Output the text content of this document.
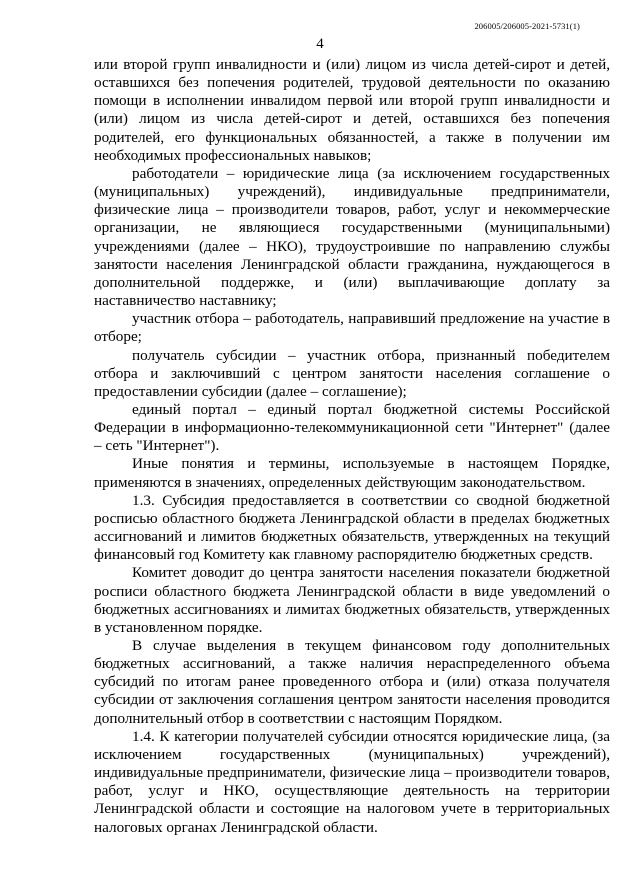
206005/206005-2021-5731(1)
4

или второй групп инвалидности и (или) лицом из числа детей-сирот и детей, оставшихся без попечения родителей, трудовой деятельности по оказанию помощи в исполнении инвалидом первой или второй групп инвалидности и (или) лицом из числа детей-сирот и детей, оставшихся без попечения родителей, его функциональных обязанностей, а также в получении им необходимых профессиональных навыков;

работодатели – юридические лица (за исключением государственных (муниципальных) учреждений), индивидуальные предприниматели, физические лица – производители товаров, работ, услуг и некоммерческие организации, не являющиеся государственными (муниципальными) учреждениями (далее – НКО), трудоустроившие по направлению службы занятости населения Ленинградской области гражданина, нуждающегося в дополнительной поддержке, и (или) выплачивающие доплату за наставничество наставнику;

участник отбора – работодатель, направивший предложение на участие в отборе;

получатель субсидии – участник отбора, признанный победителем отбора и заключивший с центром занятости населения соглашение о предоставлении субсидии (далее – соглашение);

единый портал – единый портал бюджетной системы Российской Федерации в информационно-телекоммуникационной сети "Интернет" (далее – сеть "Интернет").

Иные понятия и термины, используемые в настоящем Порядке, применяются в значениях, определенных действующим законодательством.

1.3. Субсидия предоставляется в соответствии со сводной бюджетной росписью областного бюджета Ленинградской области в пределах бюджетных ассигнований и лимитов бюджетных обязательств, утвержденных на текущий финансовый год Комитету как главному распорядителю бюджетных средств.

Комитет доводит до центра занятости населения показатели бюджетной росписи областного бюджета Ленинградской области в виде уведомлений о бюджетных ассигнованиях и лимитах бюджетных обязательств, утвержденных в установленном порядке.

В случае выделения в текущем финансовом году дополнительных бюджетных ассигнований, а также наличия нераспределенного объема субсидий по итогам ранее проведенного отбора и (или) отказа получателя субсидии от заключения соглашения центром занятости населения проводится дополнительный отбор в соответствии с настоящим Порядком.

1.4. К категории получателей субсидии относятся юридические лица, (за исключением государственных (муниципальных) учреждений), индивидуальные предприниматели, физические лица – производители товаров, работ, услуг и НКО, осуществляющие деятельность на территории Ленинградской области и состоящие на налоговом учете в территориальных налоговых органах Ленинградской области.
